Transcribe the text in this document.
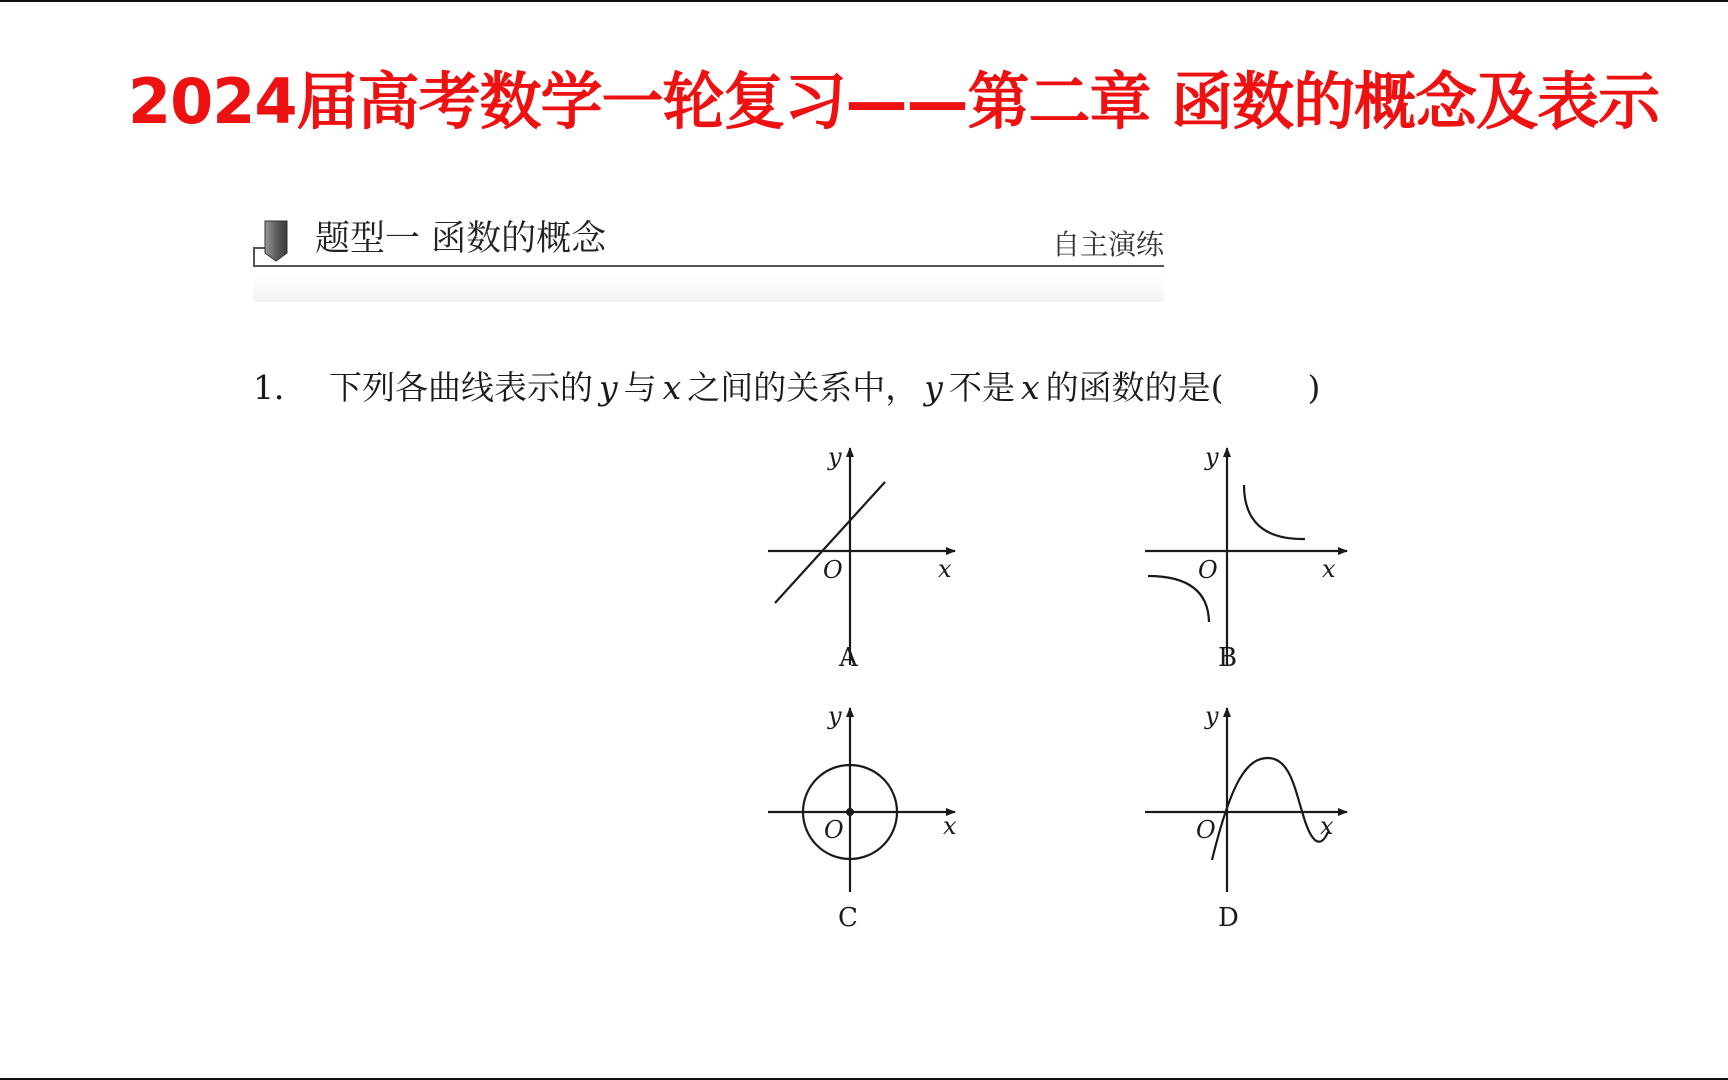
2024届高考数学一轮复习——第二章 函数的概念及表示
题型一 函数的概念	自主演练
1． 下列各曲线表示的 y 与 x 之间的关系中， y 不是 x 的函数的是(	)
y
x
O
A
y
x
O
B
y
x
O
C
y
x
O
D
